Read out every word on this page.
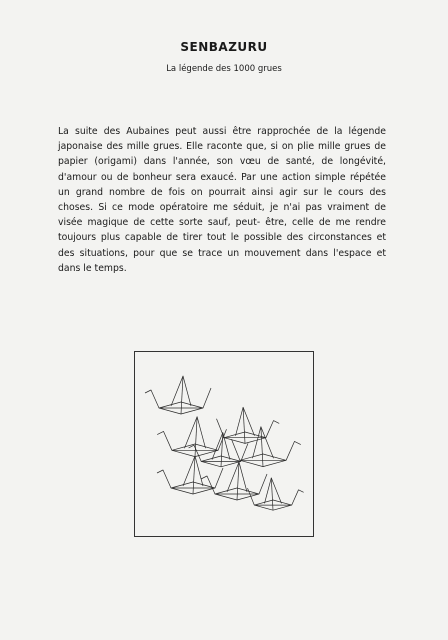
SENBAZURU
La légende des 1000 grues

La suite des Aubaines peut aussi être rapprochée de la légende japonaise des mille grues. Elle raconte que, si on plie mille grues de papier (origami) dans l'année, son vœu de santé, de longévité, d'amour ou de bonheur sera exaucé. Par une action simple répétée un grand nombre de fois on pourrait ainsi agir sur le cours des choses. Si ce mode opératoire me séduit, je n'ai pas vraiment de visée magique de cette sorte sauf, peut- être, celle de me rendre toujours plus capable de tirer tout le possible des circonstances et des situations, pour que se trace un mouvement dans l'espace et dans le temps.
